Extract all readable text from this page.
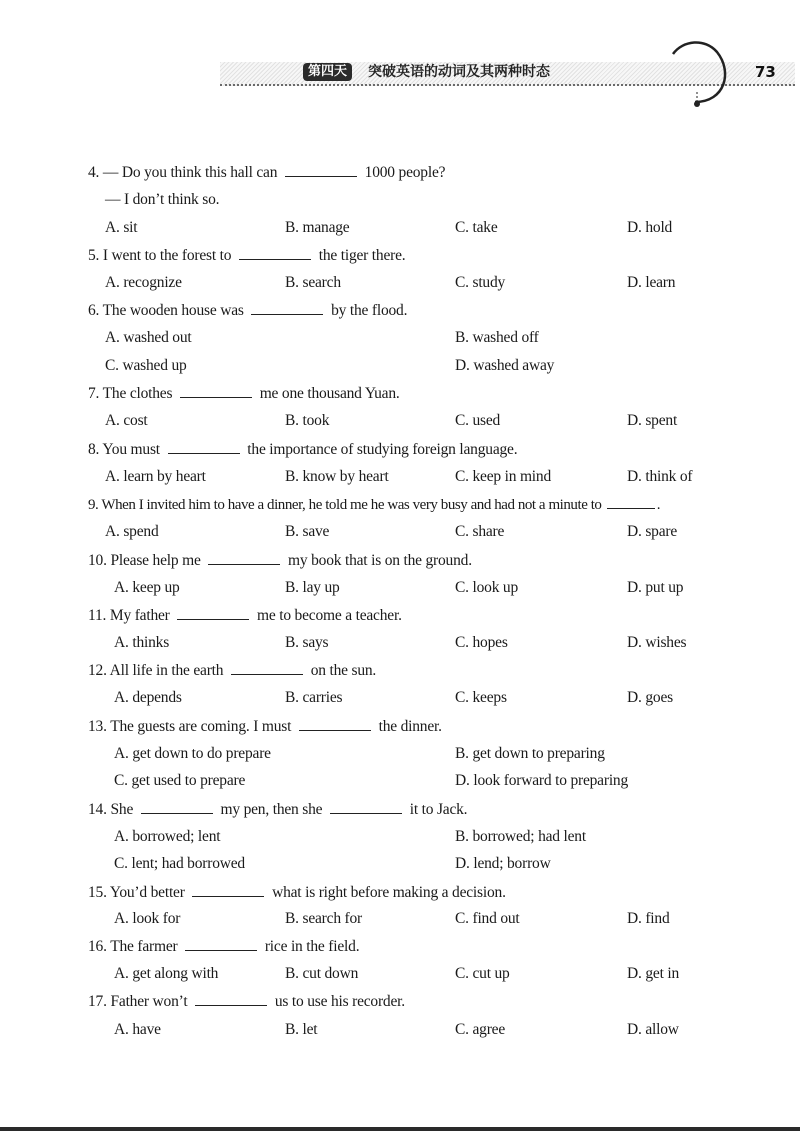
第四天	突破英语的动词及其两种时态	73
4. — Do you think this hall can	1000 people?
— I don’t think so.
A. sit	B. manage	C. take	D. hold
5. I went to the forest to	the tiger there.
A. recognize	B. search	C. study	D. learn
6. The wooden house was	by the flood.
A. washed out	B. washed off
C. washed up	D. washed away
7. The clothes	me one thousand Yuan.
A. cost	B. took	C. used	D. spent
8. You must	the importance of studying foreign language.
A. learn by heart	B. know by heart	C. keep in mind	D. think of
9. When I invited him to have a dinner, he told me he was very busy and had not a minute to	.
A. spend	B. save	C. share	D. spare
10. Please help me	my book that is on the ground.
A. keep up	B. lay up	C. look up	D. put up
11. My father	me to become a teacher.
A. thinks	B. says	C. hopes	D. wishes
12. All life in the earth	on the sun.
A. depends	B. carries	C. keeps	D. goes
13. The guests are coming. I must	the dinner.
A. get down to do prepare	B. get down to preparing
C. get used to prepare	D. look forward to preparing
14. She	my pen, then she	it to Jack.
A. borrowed; lent	B. borrowed; had lent
C. lent; had borrowed	D. lend; borrow
15. You’d better	what is right before making a decision.
A. look for	B. search for	C. find out	D. find
16. The farmer	rice in the field.
A. get along with	B. cut down	C. cut up	D. get in
17. Father won’t	us to use his recorder.
A. have	B. let	C. agree	D. allow
